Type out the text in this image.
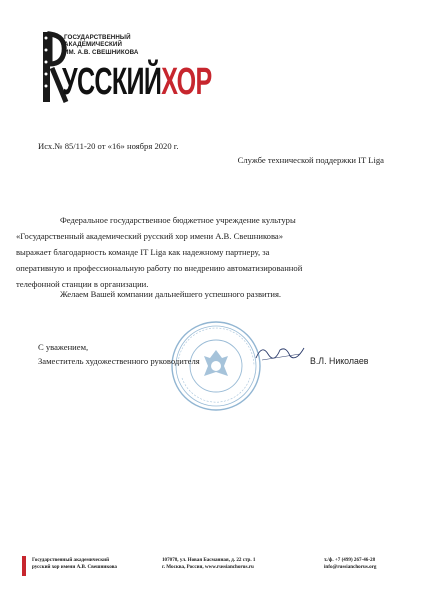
ГОСУДАРСТВЕННЫЙ
АКАДЕМИЧЕСКИЙ
ИМ. А.В. СВЕШНИКОВА
УССКИЙХОР
Исх.№ 85/11-20 от «16» ноября 2020 г.
Службе технической поддержки IT Liga
Федеральное государственное бюджетное учреждение культуры
«Государственный академический русский хор имени А.В. Свешникова»
выражает благодарность команде IT Liga как надежному партнеру, за
оперативную и профессиональную работу по внедрению автоматизированной
телефонной станции в организации.
Желаем Вашей компании дальнейшего успешного развития.
С уважением,
Заместитель художественного руководителя	В.Л. Николаев
Государственный академический
русский хор имени А.В. Свешникова
107078, ул. Новая Басманная, д. 22 стр. 1
г. Москва, Россия, www.russianchorus.ru
т./ф. +7 (499) 267-46-28
info@russianchorus.org
